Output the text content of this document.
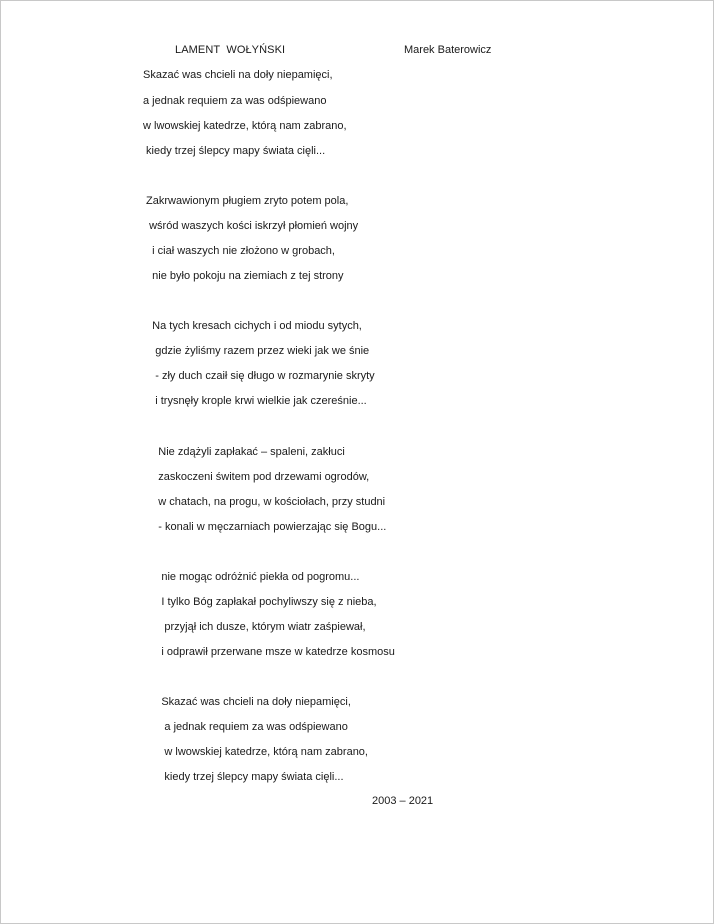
LAMENT  WOŁYŃSKI	Marek Baterowicz
Skazać was chcieli na doły niepamięci,
a jednak requiem za was odśpiewano
w lwowskiej katedrze, którą nam zabrano,
kiedy trzej ślepcy mapy świata cięli...
Zakrwawionym pługiem zryto potem pola,
wśród waszych kości iskrzył płomień wojny
i ciał waszych nie złożono w grobach,
nie było pokoju na ziemiach z tej strony
Na tych kresach cichych i od miodu sytych,
gdzie żyliśmy razem przez wieki jak we śnie
- zły duch czaił się długo w rozmarynie skryty
i trysnęły krople krwi wielkie jak czereśnie...
Nie zdążyli zapłakać – spaleni, zakłuci
zaskoczeni świtem pod drzewami ogrodów,
w chatach, na progu, w kościołach, przy studni
- konali w męczarniach powierzając się Bogu...
nie mogąc odróżnić piekła od pogromu...
I tylko Bóg zapłakał pochyliwszy się z nieba,
przyjął ich dusze, którym wiatr zaśpiewał,
i odprawił przerwane msze w katedrze kosmosu
Skazać was chcieli na doły niepamięci,
a jednak requiem za was odśpiewano
w lwowskiej katedrze, którą nam zabrano,
kiedy trzej ślepcy mapy świata cięli...
2003 – 2021
